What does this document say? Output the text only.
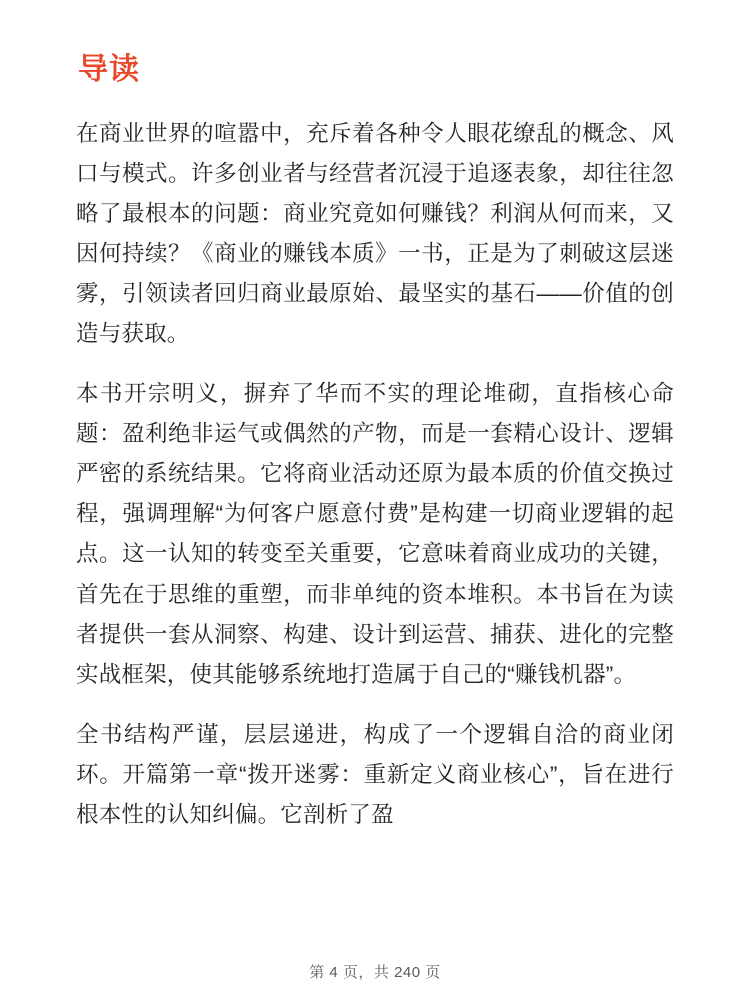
导读

在商业世界的喧嚣中，充斥着各种令人眼花缭乱的概念、风口与模式。许多创业者与经营者沉浸于追逐表象，却往往忽略了最根本的问题：商业究竟如何赚钱？利润从何而来，又因何持续？《商业的赚钱本质》一书，正是为了刺破这层迷雾，引领读者回归商业最原始、最坚实的基石——价值的创造与获取。

本书开宗明义，摒弃了华而不实的理论堆砌，直指核心命题：盈利绝非运气或偶然的产物，而是一套精心设计、逻辑严密的系统结果。它将商业活动还原为最本质的价值交换过程，强调理解“为何客户愿意付费”是构建一切商业逻辑的起点。这一认知的转变至关重要，它意味着商业成功的关键，首先在于思维的重塑，而非单纯的资本堆积。本书旨在为读者提供一套从洞察、构建、设计到运营、捕获、进化的完整实战框架，使其能够系统地打造属于自己的“赚钱机器”。

全书结构严谨，层层递进，构成了一个逻辑自洽的商业闭环。开篇第一章“拨开迷雾：重新定义商业核心”，旨在进行根本性的认知纠偏。它剖析了盈

第 4 页，共 240 页
